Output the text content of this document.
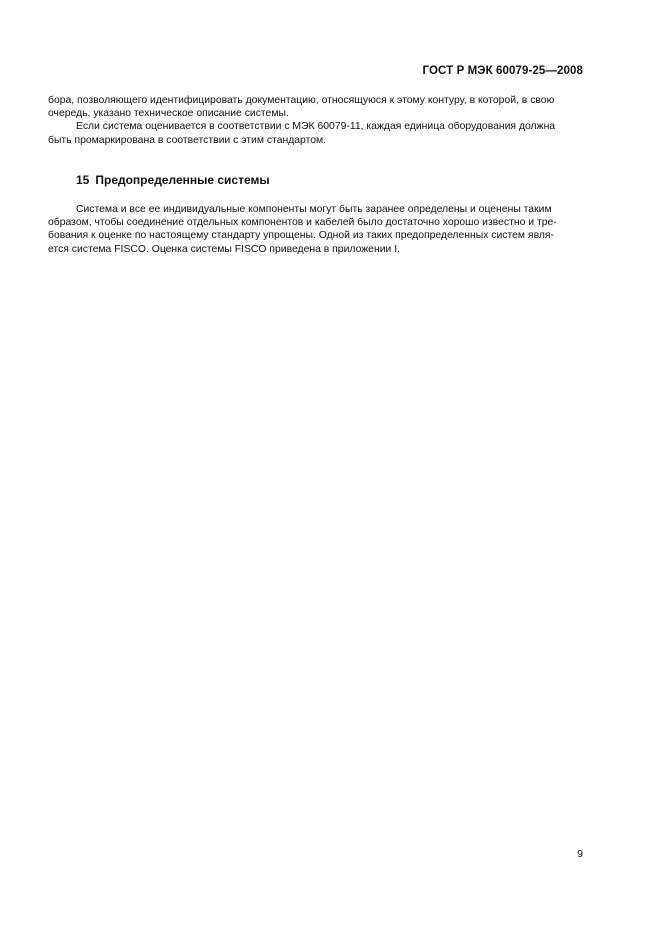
ГОСТ Р МЭК 60079-25—2008

бора, позволяющего идентифицировать документацию, относящуюся к этому контуру, в которой, в свою
очередь, указано техническое описание системы.

Если система оценивается в соответствии с МЭК 60079-11, каждая единица оборудования должна
быть промаркирована в соответствии с этим стандартом.

15 Предопределенные системы

Система и все ее индивидуальные компоненты могут быть заранее определены и оценены таким
образом, чтобы соединение отдельных компонентов и кабелей было достаточно хорошо известно и тре-
бования к оценке по настоящему стандарту упрощены. Одной из таких предопределенных систем явля-
ется система FISCO. Оценка системы FISCO приведена в приложении I.

9
